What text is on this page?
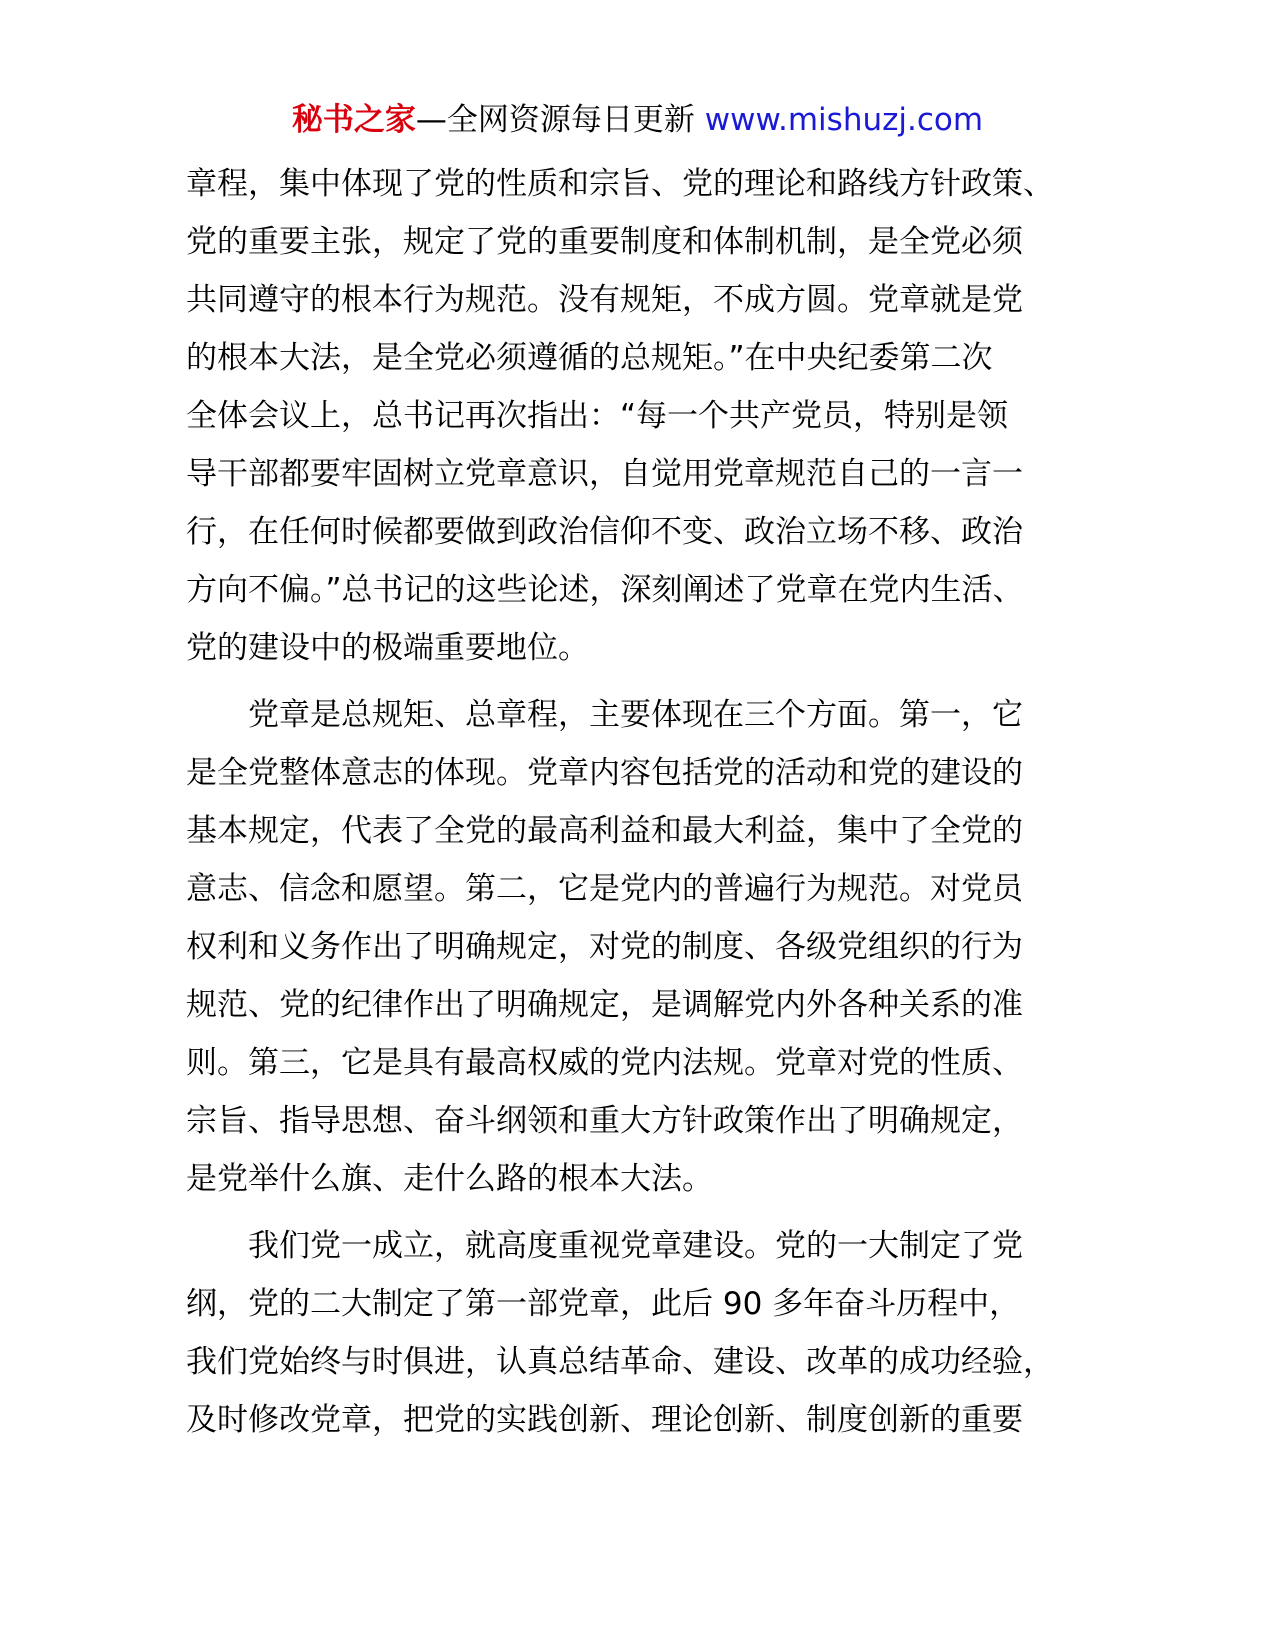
秘书之家—全网资源每日更新 www.mishuzj.com
章程，集中体现了党的性质和宗旨、党的理论和路线方针政策、
党的重要主张，规定了党的重要制度和体制机制，是全党必须
共同遵守的根本行为规范。没有规矩，不成方圆。党章就是党
的根本大法，是全党必须遵循的总规矩。”在中央纪委第二次
全体会议上，总书记再次指出：“每一个共产党员，特别是领
导干部都要牢固树立党章意识，自觉用党章规范自己的一言一
行，在任何时候都要做到政治信仰不变、政治立场不移、政治
方向不偏。”总书记的这些论述，深刻阐述了党章在党内生活、
党的建设中的极端重要地位。
　　党章是总规矩、总章程，主要体现在三个方面。第一，它
是全党整体意志的体现。党章内容包括党的活动和党的建设的
基本规定，代表了全党的最高利益和最大利益，集中了全党的
意志、信念和愿望。第二，它是党内的普遍行为规范。对党员
权利和义务作出了明确规定，对党的制度、各级党组织的行为
规范、党的纪律作出了明确规定，是调解党内外各种关系的准
则。第三，它是具有最高权威的党内法规。党章对党的性质、
宗旨、指导思想、奋斗纲领和重大方针政策作出了明确规定，
是党举什么旗、走什么路的根本大法。
　　我们党一成立，就高度重视党章建设。党的一大制定了党
纲，党的二大制定了第一部党章，此后 90 多年奋斗历程中，
我们党始终与时俱进，认真总结革命、建设、改革的成功经验，
及时修改党章，把党的实践创新、理论创新、制度创新的重要
